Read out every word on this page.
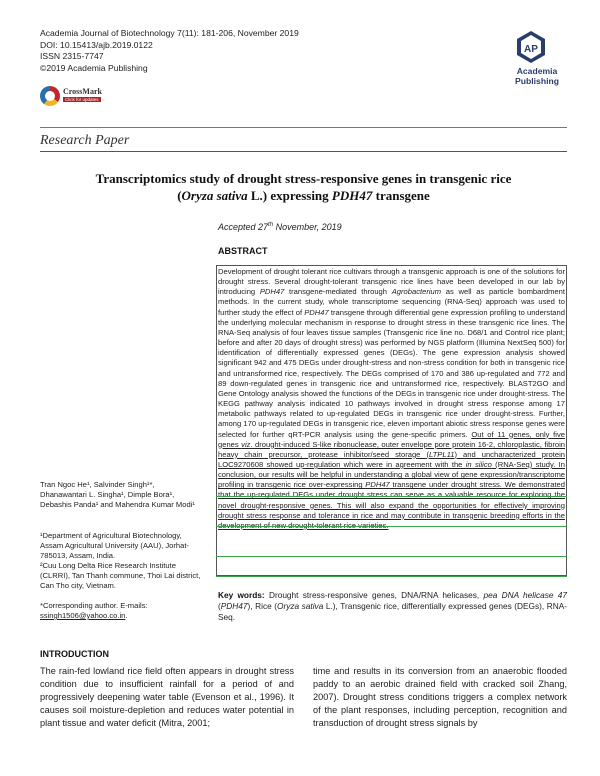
Academia Journal of Biotechnology 7(11): 181-206, November 2019
DOI: 10.15413/ajb.2019.0122
ISSN 2315-7747
©2019 Academia Publishing
CrossMark
Click for updates
AP
Academia
Publishing
Research Paper
Transcriptomics study of drought stress-responsive genes in transgenic rice
(Oryza sativa L.) expressing PDH47 transgene
Accepted 27th November, 2019
ABSTRACT
Development of drought tolerant rice cultivars through a transgenic approach is one of the solutions for drought stress. Several drought-tolerant transgenic rice lines have been developed in our lab by introducing PDH47 transgene-mediated through Agrobacterium as well as particle bombardment methods. In the current study, whole transcriptome sequencing (RNA-Seq) approach was used to further study the effect of PDH47 transgene through differential gene expression profiling to understand the underlying molecular mechanism in response to drought stress in these transgenic rice lines. The RNA-Seq analysis of four leaves tissue samples (Transgenic rice line no. D68/1 and Control rice plant; before and after 20 days of drought stress) was performed by NGS platform (Illumina NextSeq 500) for identification of differentially expressed genes (DEGs). The gene expression analysis showed significant 942 and 475 DEGs under drought-stress and non-stress condition for both in transgenic rice and untransformed rice, respectively. The DEGs comprised of 170 and 386 up-regulated and 772 and 89 down-regulated genes in transgenic rice and untransformed rice, respectively. BLAST2GO and Gene Ontology analysis showed the functions of the DEGs in transgenic rice under drought-stress. The KEGG pathway analysis indicated 10 pathways involved in drought stress response among 17 metabolic pathways related to up-regulated DEGs in transgenic rice under drought-stress. Further, among 170 up-regulated DEGs in transgenic rice, eleven important abiotic stress response genes were selected for further qRT-PCR analysis using the gene-specific primers. Out of 11 genes, only five genes viz. drought-induced S-like ribonuclease, outer envelope pore protein 16-2, chloroplastic, fibroin heavy chain precursor, protease inhibitor/seed storage (LTPL11) and uncharacterized protein LOC9270608 showed up-regulation which were in agreement with the in silico (RNA-Seq) study. In conclusion, our results will be helpful in understanding a global view of gene expression/transcriptome profiling in transgenic rice over-expressing PDH47 transgene under drought stress. We demonstrated that the up-regulated DEGs under drought stress can serve as a valuable resource for exploring the novel drought-responsive genes. This will also expand the opportunities for effectively improving drought stress response and tolerance in rice and may contribute in transgenic breeding efforts in the development of new drought-tolerant rice varieties.
Tran Ngoc He¹, Salvinder Singh¹*, Dhanawantari L. Singha¹, Dimple Bora¹, Debashis Panda¹ and Mahendra Kumar Modi¹
¹Department of Agricultural Biotechnology, Assam Agricultural University (AAU), Jorhat-785013, Assam, India.
²Cuu Long Delta Rice Research Institute (CLRRI), Tan Thanh commune, Thoi Lai district, Can Tho city, Vietnam.
*Corresponding author. E-mails: ssingh1506@yahoo.co.in.
Key words: Drought stress-responsive genes, DNA/RNA helicases, pea DNA helicase 47 (PDH47), Rice (Oryza sativa L.), Transgenic rice, differentially expressed genes (DEGs), RNA-Seq.
INTRODUCTION
The rain-fed lowland rice field often appears in drought stress condition due to insufficient rainfall for a period of and progressively deepening water table (Evenson et al., 1996). It causes soil moisture-depletion and reduces water potential in plant tissue and water deficit (Mitra, 2001;
time and results in its conversion from an anaerobic flooded paddy to an aerobic drained field with cracked soil Zhang, 2007). Drought stress conditions triggers a complex network of the plant responses, including perception, recognition and transduction of drought stress signals by
